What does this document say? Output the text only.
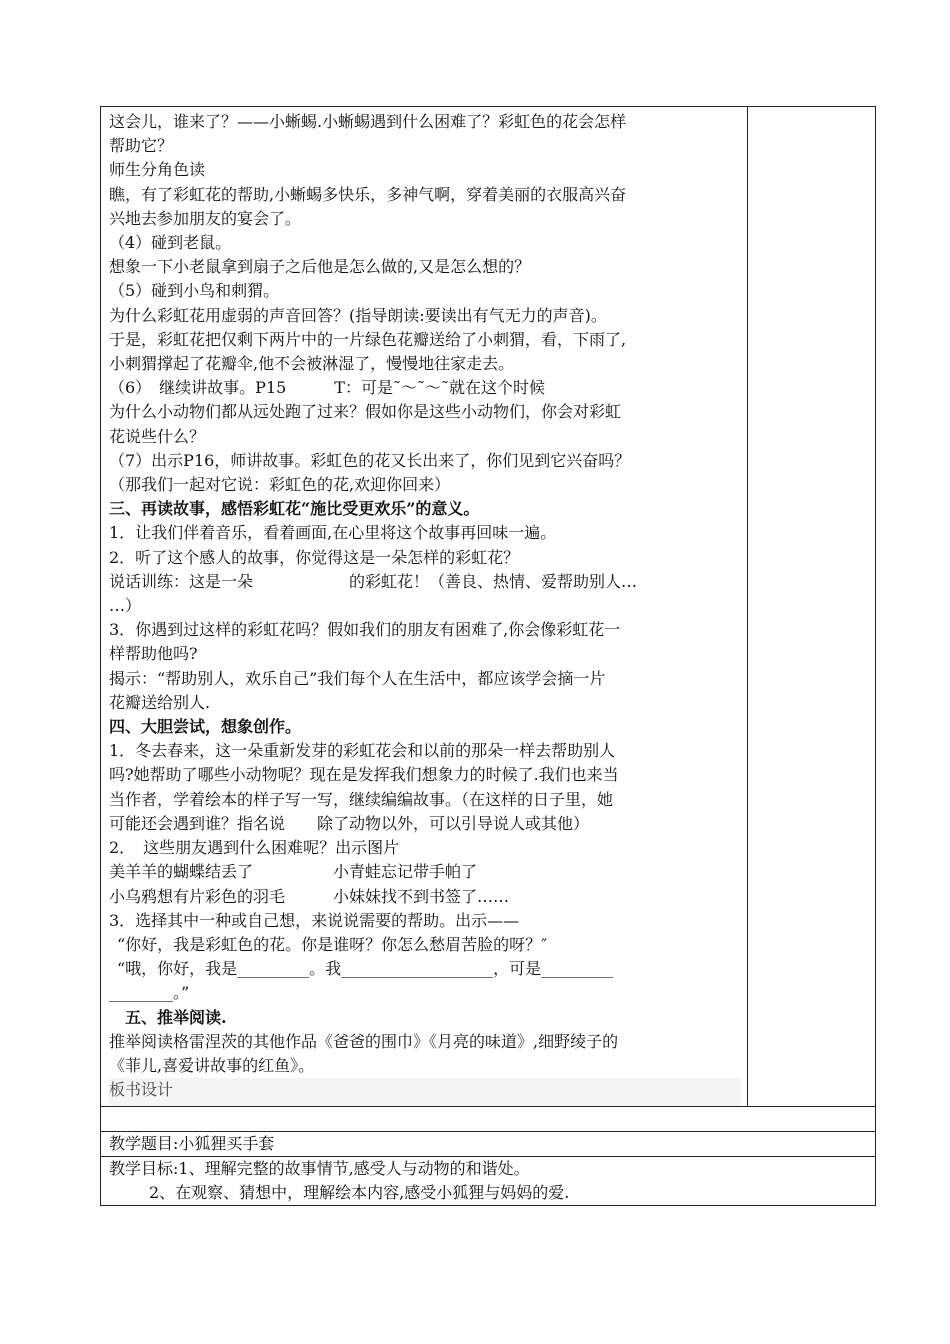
这会儿，谁来了？——小蜥蜴.小蜥蜴遇到什么困难了？彩虹色的花会怎样

帮助它？

师生分角色读

瞧，有了彩虹花的帮助,小蜥蜴多快乐，多神气啊，穿着美丽的衣服高兴奋

兴地去参加朋友的宴会了。

（4）碰到老鼠。

想象一下小老鼠拿到扇子之后他是怎么做的,又是怎么想的？

（5）碰到小鸟和刺猬。

为什么彩虹花用虚弱的声音回答？(指导朗读:要读出有气无力的声音)。

于是，彩虹花把仅剩下两片中的一片绿色花瓣送给了小刺猬，看，下雨了,

小刺猬撑起了花瓣伞,他不会被淋湿了，慢慢地往家走去。

（6）　继续讲故事。P15　　　T：可是˜～˜～˜就在这个时候

为什么小动物们都从远处跑了过来？假如你是这些小动物们，你会对彩虹

花说些什么？

（7）出示P16，师讲故事。彩虹色的花又长出来了，你们见到它兴奋吗？

（那我们一起对它说：彩虹色的花,欢迎你回来）

三、再读故事，感悟彩虹花“施比受更欢乐”的意义。

1．让我们伴着音乐，看着画面,在心里将这个故事再回味一遍。

2．听了这个感人的故事，你觉得这是一朵怎样的彩虹花？

说话训练：这是一朵　　　　　　的彩虹花！（善良、热情、爱帮助别人…

…）

3．你遇到过这样的彩虹花吗？假如我们的朋友有困难了,你会像彩虹花一

样帮助他吗?

揭示：“帮助别人，欢乐自己”我们每个人在生活中，都应该学会摘一片

花瓣送给别人.

四、大胆尝试，想象创作。

1．冬去春来，这一朵重新发芽的彩虹花会和以前的那朵一样去帮助别人

吗?她帮助了哪些小动物呢？现在是发挥我们想象力的时候了.我们也来当

当作者，学着绘本的样子写一写，继续编编故事。（在这样的日子里，她

可能还会遇到谁？指名说　　除了动物以外，可以引导说人或其他）

2．　这些朋友遇到什么困难呢？出示图片

美羊羊的蝴蝶结丢了　　　　　小青蛙忘记带手帕了

小乌鸦想有片彩色的羽毛　　　小妹妹找不到书签了……

3．选择其中一种或自己想，来说说需要的帮助。出示——

“你好，我是彩虹色的花。你是谁呀？你怎么愁眉苦脸的呀？″

“哦，你好，我是_________。我___________________，可是_________

________。”

五、推举阅读.

推举阅读格雷涅茨的其他作品《爸爸的围巾》《月亮的味道》,细野绫子的

《菲儿,喜爱讲故事的红鱼》。

板书设计

教学题目:小狐狸买手套

教学目标:1、理解完整的故事情节,感受人与动物的和谐处。
2、在观察、猜想中，理解绘本内容,感受小狐狸与妈妈的爱.
